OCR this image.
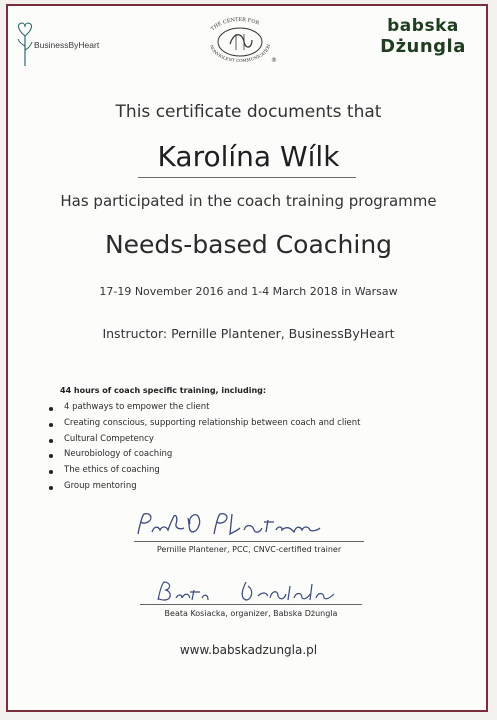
BusinessByHeart
THE CENTER FOR
NONVIOLENT COMMUNICATION
®
babska
Dżungla
This certificate documents that
Karolína Wílk
Has participated in the coach training programme
Needs-based Coaching
17-19 November 2016 and 1-4 March 2018 in Warsaw
Instructor: Pernille Plantener, BusinessByHeart
44 hours of coach specific training, including:
4 pathways to empower the client
Creating conscious, supporting relationship between coach and client
Cultural Competency
Neurobiology of coaching
The ethics of coaching
Group mentoring
Pernille Plantener, PCC, CNVC-certified trainer
Beata Kosiacka, organizer, Babska Dżungla
www.babskadzungla.pl
